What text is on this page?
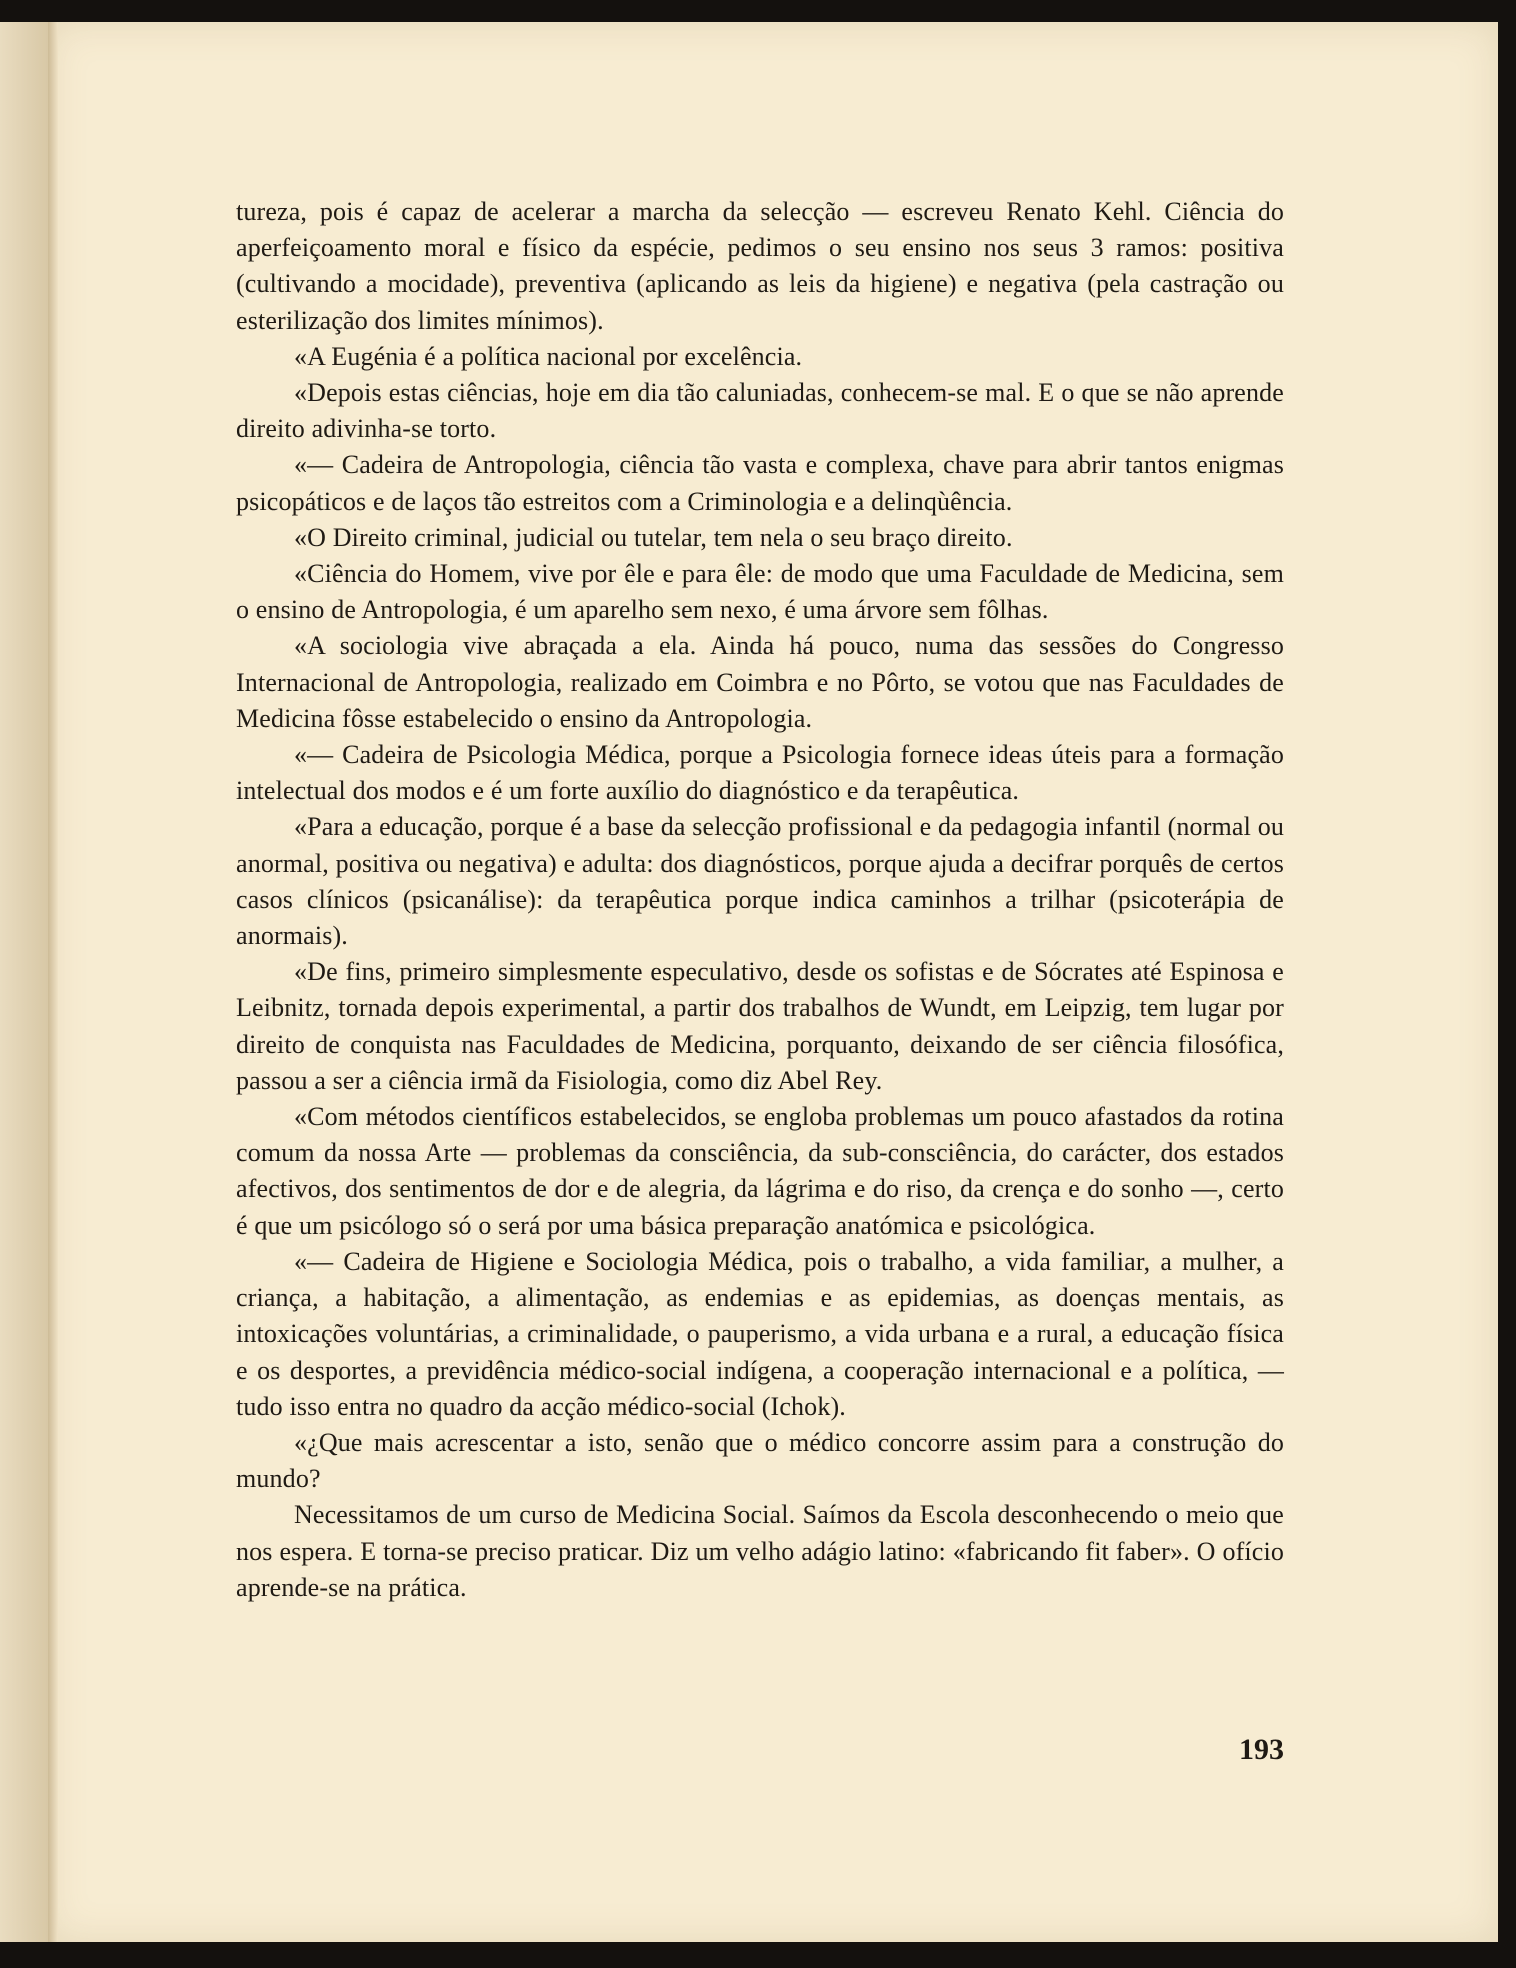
tureza, pois é capaz de acelerar a marcha da selecção — escreveu Renato Kehl. Ciência do aperfeiçoamento moral e físico da espécie, pedimos o seu ensino nos seus 3 ramos: positiva (cultivando a mocidade), preventiva (aplicando as leis da higiene) e negativa (pela castração ou esterilização dos limites mínimos).

«A Eugénia é a política nacional por excelência.

«Depois estas ciências, hoje em dia tão caluniadas, conhecem-se mal. E o que se não aprende direito adivinha-se torto.

«— Cadeira de Antropologia, ciência tão vasta e complexa, chave para abrir tantos enigmas psicopáticos e de laços tão estreitos com a Criminologia e a delinqùência.

«O Direito criminal, judicial ou tutelar, tem nela o seu braço direito.

«Ciência do Homem, vive por êle e para êle: de modo que uma Faculdade de Medicina, sem o ensino de Antropologia, é um aparelho sem nexo, é uma árvore sem fôlhas.

«A sociologia vive abraçada a ela. Ainda há pouco, numa das sessões do Congresso Internacional de Antropologia, realizado em Coimbra e no Pôrto, se votou que nas Faculdades de Medicina fôsse estabelecido o ensino da Antropologia.

«— Cadeira de Psicologia Médica, porque a Psicologia fornece ideas úteis para a formação intelectual dos modos e é um forte auxílio do diagnóstico e da terapêutica.

«Para a educação, porque é a base da selecção profissional e da pedagogia infantil (normal ou anormal, positiva ou negativa) e adulta: dos diagnósticos, porque ajuda a decifrar porquês de certos casos clínicos (psicanálise): da terapêutica porque indica caminhos a trilhar (psicoterápia de anormais).

«De fins, primeiro simplesmente especulativo, desde os sofistas e de Sócrates até Espinosa e Leibnitz, tornada depois experimental, a partir dos trabalhos de Wundt, em Leipzig, tem lugar por direito de conquista nas Faculdades de Medicina, porquanto, deixando de ser ciência filosófica, passou a ser a ciência irmã da Fisiologia, como diz Abel Rey.

«Com métodos científicos estabelecidos, se engloba problemas um pouco afastados da rotina comum da nossa Arte — problemas da consciência, da sub-consciência, do carácter, dos estados afectivos, dos sentimentos de dor e de alegria, da lágrima e do riso, da crença e do sonho —, certo é que um psicólogo só o será por uma básica preparação anatómica e psicológica.

«— Cadeira de Higiene e Sociologia Médica, pois o trabalho, a vida familiar, a mulher, a criança, a habitação, a alimentação, as endemias e as epidemias, as doenças mentais, as intoxicações voluntárias, a criminalidade, o pauperismo, a vida urbana e a rural, a educação física e os desportes, a previdência médico-social indígena, a cooperação internacional e a política, — tudo isso entra no quadro da acção médico-social (Ichok).

«¿Que mais acrescentar a isto, senão que o médico concorre assim para a construção do mundo?

Necessitamos de um curso de Medicina Social. Saímos da Escola desconhecendo o meio que nos espera. E torna-se preciso praticar. Diz um velho adágio latino: «fabricando fit faber». O ofício aprende-se na prática.

193
